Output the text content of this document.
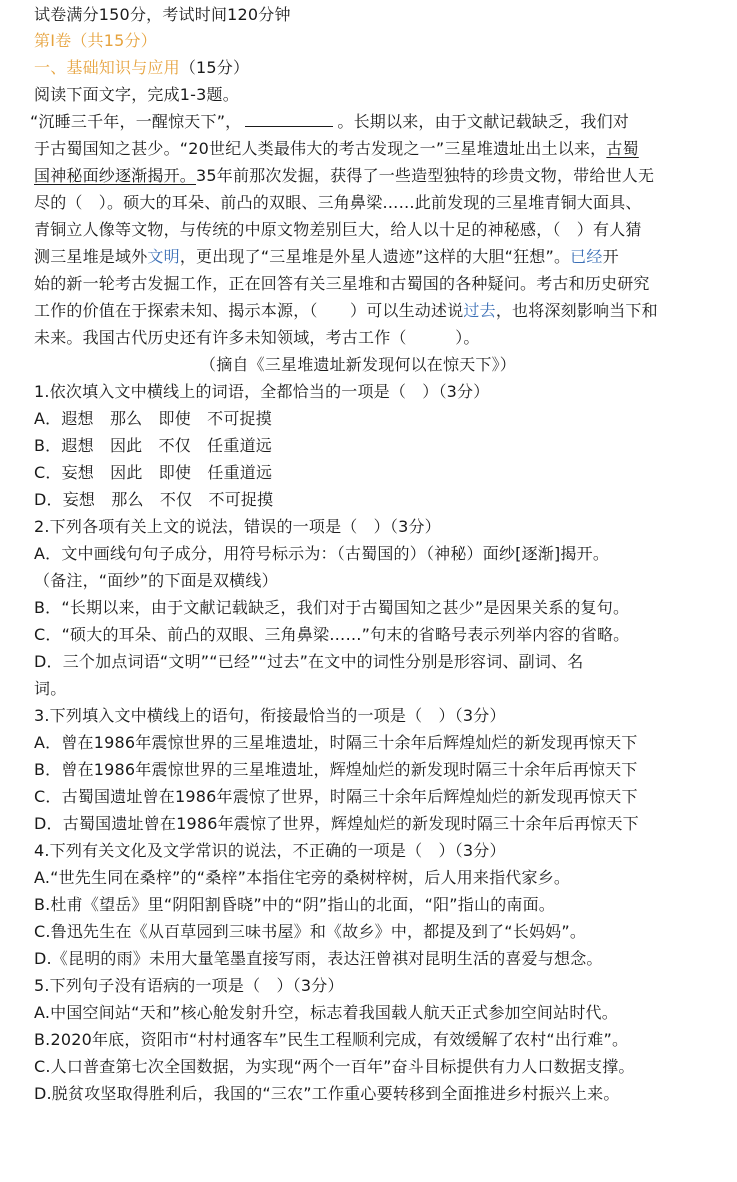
试卷满分150分，考试时间120分钟
第Ⅰ卷（共15分）
一、基础知识与应用（15分）
阅读下面文字，完成1-3题。
“沉睡三千年，一醒惊天下”，	。长期以来，由于文献记载缺乏，我们对
于古蜀国知之甚少。“20世纪人类最伟大的考古发现之一”三星堆遗址出土以来，古蜀
国神秘面纱逐渐揭开。35年前那次发掘，获得了一些造型独特的珍贵文物，带给世人无
尽的（　）。硕大的耳朵、前凸的双眼、三角鼻梁……此前发现的三星堆青铜大面具、
青铜立人像等文物，与传统的中原文物差别巨大，给人以十足的神秘感，（　）有人猜
测三星堆是域外文明，更出现了“三星堆是外星人遗迹”这样的大胆“狂想”。已经开
始的新一轮考古发掘工作，正在回答有关三星堆和古蜀国的各种疑问。考古和历史研究
工作的价值在于探索未知、揭示本源，（　　）可以生动述说过去，也将深刻影响当下和
未来。我国古代历史还有许多未知领域，考古工作（　　　）。
（摘自《三星堆遗址新发现何以在惊天下》）
1.依次填入文中横线上的词语，全都恰当的一项是（　）（3分）
A．遐想　那么　即使　不可捉摸
B．遐想　因此　不仅　任重道远
C．妄想　因此　即使　任重道远
D．妄想　那么　不仅　不可捉摸
2.下列各项有关上文的说法，错误的一项是（　）（3分）
A．文中画线句句子成分，用符号标示为：（古蜀国的）（神秘）面纱[逐渐]揭开。
（备注，“面纱”的下面是双横线）
B．“长期以来，由于文献记载缺乏，我们对于古蜀国知之甚少”是因果关系的复句。
C．“硕大的耳朵、前凸的双眼、三角鼻梁……”句末的省略号表示列举内容的省略。
D．三个加点词语“文明”“已经”“过去”在文中的词性分别是形容词、副词、名
词。
3.下列填入文中横线上的语句，衔接最恰当的一项是（　）（3分）
A．曾在1986年震惊世界的三星堆遗址，时隔三十余年后辉煌灿烂的新发现再惊天下
B．曾在1986年震惊世界的三星堆遗址，辉煌灿烂的新发现时隔三十余年后再惊天下
C．古蜀国遗址曾在1986年震惊了世界，时隔三十余年后辉煌灿烂的新发现再惊天下
D．古蜀国遗址曾在1986年震惊了世界，辉煌灿烂的新发现时隔三十余年后再惊天下
4.下列有关文化及文学常识的说法，不正确的一项是（　）（3分）
A.“世先生同在桑梓”的“桑梓”本指住宅旁的桑树梓树，后人用来指代家乡。
B.杜甫《望岳》里“阴阳割昏晓”中的“阴”指山的北面，“阳”指山的南面。
C.鲁迅先生在《从百草园到三味书屋》和《故乡》中，都提及到了“长妈妈”。
D.《昆明的雨》未用大量笔墨直接写雨，表达汪曾祺对昆明生活的喜爱与想念。
5.下列句子没有语病的一项是（　）（3分）
A.中国空间站“天和”核心舱发射升空，标志着我国载人航天正式参加空间站时代。
B.2020年底，资阳市“村村通客车”民生工程顺利完成，有效缓解了农村“出行难”。
C.人口普查第七次全国数据，为实现“两个一百年”奋斗目标提供有力人口数据支撑。
D.脱贫攻坚取得胜利后，我国的“三农”工作重心要转移到全面推进乡村振兴上来。
